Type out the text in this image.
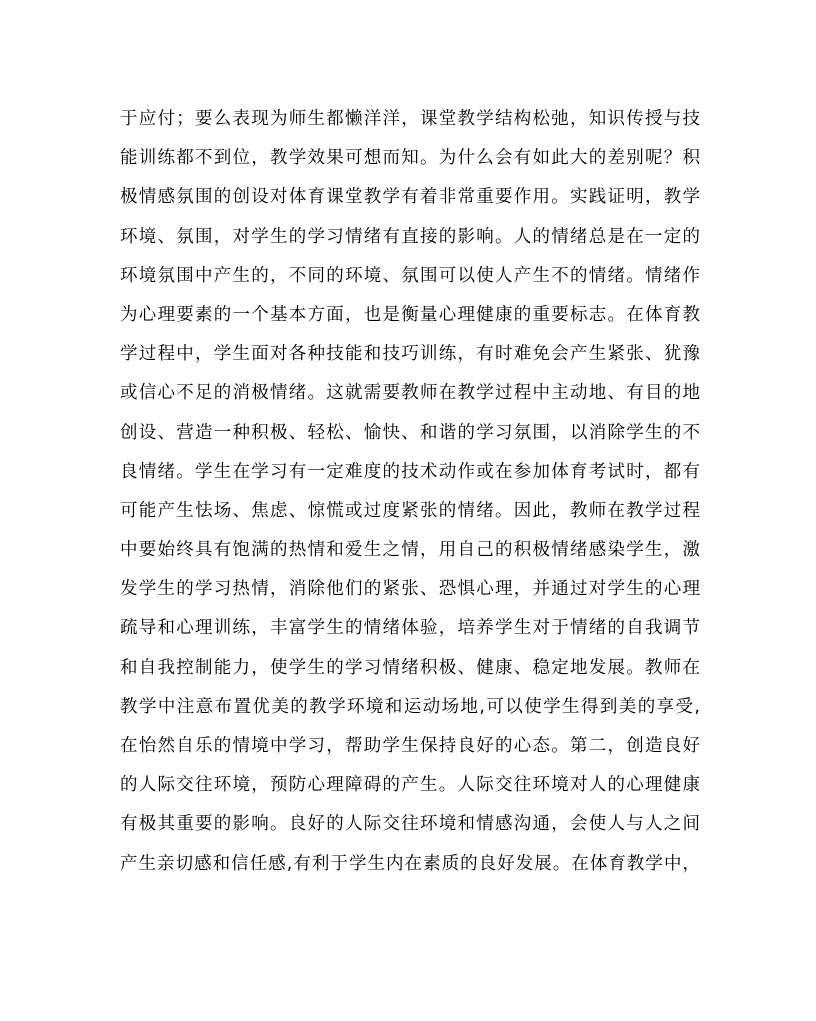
于应付；要么表现为师生都懒洋洋，课堂教学结构松弛，知识传授与技
能训练都不到位，教学效果可想而知。为什么会有如此大的差别呢？积
极情感氛围的创设对体育课堂教学有着非常重要作用。实践证明，教学
环境、氛围，对学生的学习情绪有直接的影响。人的情绪总是在一定的
环境氛围中产生的，不同的环境、氛围可以使人产生不的情绪。情绪作
为心理要素的一个基本方面，也是衡量心理健康的重要标志。在体育教
学过程中，学生面对各种技能和技巧训练，有时难免会产生紧张、犹豫
或信心不足的消极情绪。这就需要教师在教学过程中主动地、有目的地
创设、营造一种积极、轻松、愉快、和谐的学习氛围，以消除学生的不
良情绪。学生在学习有一定难度的技术动作或在参加体育考试时，都有
可能产生怯场、焦虑、惊慌或过度紧张的情绪。因此，教师在教学过程
中要始终具有饱满的热情和爱生之情，用自己的积极情绪感染学生，激
发学生的学习热情，消除他们的紧张、恐惧心理，并通过对学生的心理
疏导和心理训练，丰富学生的情绪体验，培养学生对于情绪的自我调节
和自我控制能力，使学生的学习情绪积极、健康、稳定地发展。教师在
教学中注意布置优美的教学环境和运动场地,可以使学生得到美的享受,
在怡然自乐的情境中学习，帮助学生保持良好的心态。第二，创造良好
的人际交往环境，预防心理障碍的产生。人际交往环境对人的心理健康
有极其重要的影响。良好的人际交往环境和情感沟通，会使人与人之间
产生亲切感和信任感,有利于学生内在素质的良好发展。在体育教学中，
